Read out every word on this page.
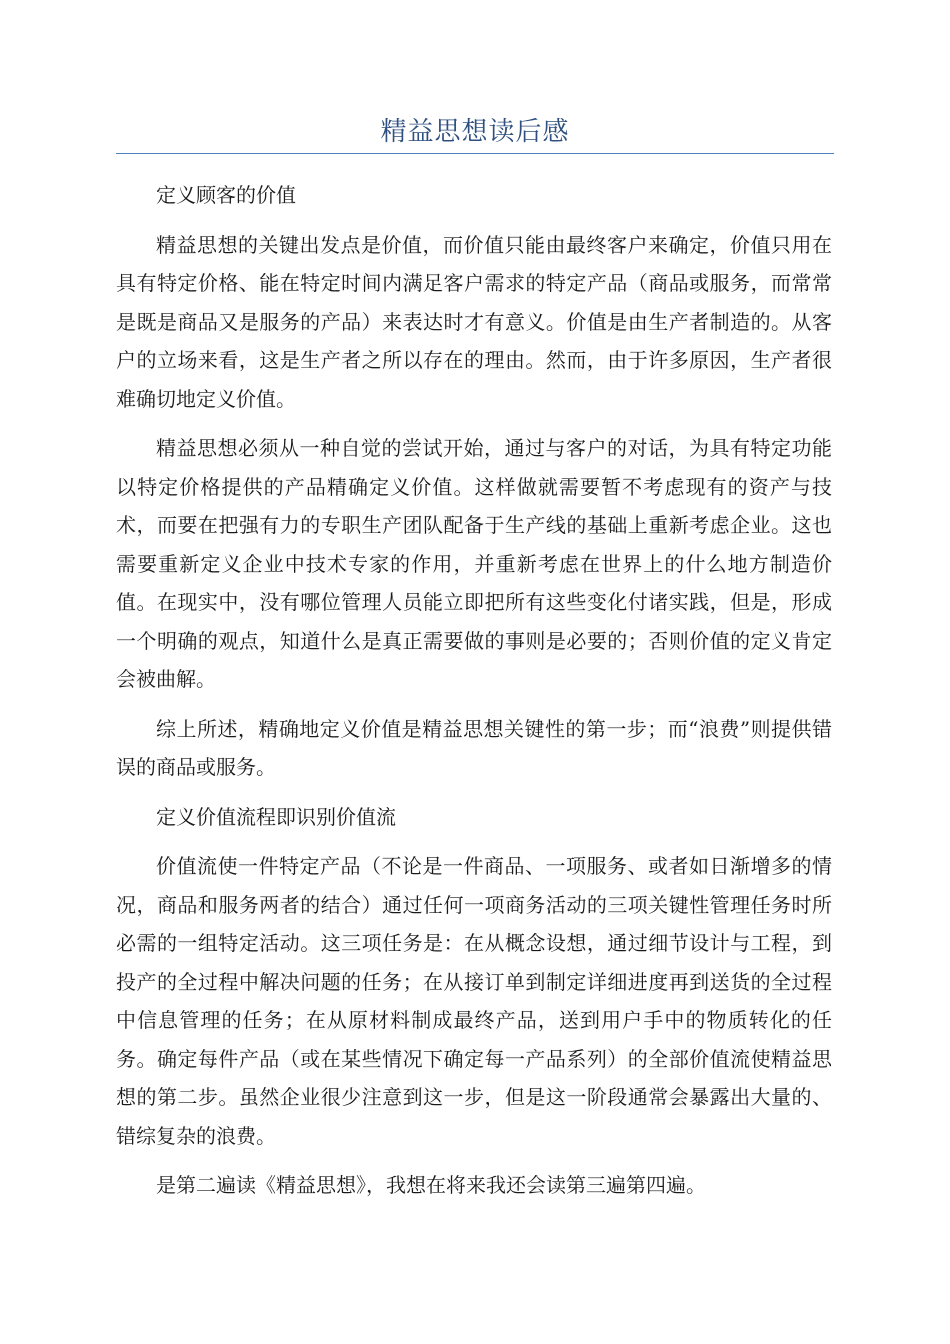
精益思想读后感

定义顾客的价值

精益思想的关键出发点是价值，而价值只能由最终客户来确定，价值只用在具有特定价格、能在特定时间内满足客户需求的特定产品（商品或服务，而常常是既是商品又是服务的产品）来表达时才有意义。价值是由生产者制造的。从客户的立场来看，这是生产者之所以存在的理由。然而，由于许多原因，生产者很难确切地定义价值。

精益思想必须从一种自觉的尝试开始，通过与客户的对话，为具有特定功能以特定价格提供的产品精确定义价值。这样做就需要暂不考虑现有的资产与技术，而要在把强有力的专职生产团队配备于生产线的基础上重新考虑企业。这也需要重新定义企业中技术专家的作用，并重新考虑在世界上的什么地方制造价值。在现实中，没有哪位管理人员能立即把所有这些变化付诸实践，但是，形成一个明确的观点，知道什么是真正需要做的事则是必要的；否则价值的定义肯定会被曲解。

综上所述，精确地定义价值是精益思想关键性的第一步；而“浪费”则提供错误的商品或服务。

定义价值流程即识别价值流

价值流使一件特定产品（不论是一件商品、一项服务、或者如日渐增多的情况，商品和服务两者的结合）通过任何一项商务活动的三项关键性管理任务时所必需的一组特定活动。这三项任务是：在从概念设想，通过细节设计与工程，到投产的全过程中解决问题的任务；在从接订单到制定详细进度再到送货的全过程中信息管理的任务；在从原材料制成最终产品，送到用户手中的物质转化的任务。确定每件产品（或在某些情况下确定每一产品系列）的全部价值流使精益思想的第二步。虽然企业很少注意到这一步，但是这一阶段通常会暴露出大量的、错综复杂的浪费。

是第二遍读《精益思想》，我想在将来我还会读第三遍第四遍。
